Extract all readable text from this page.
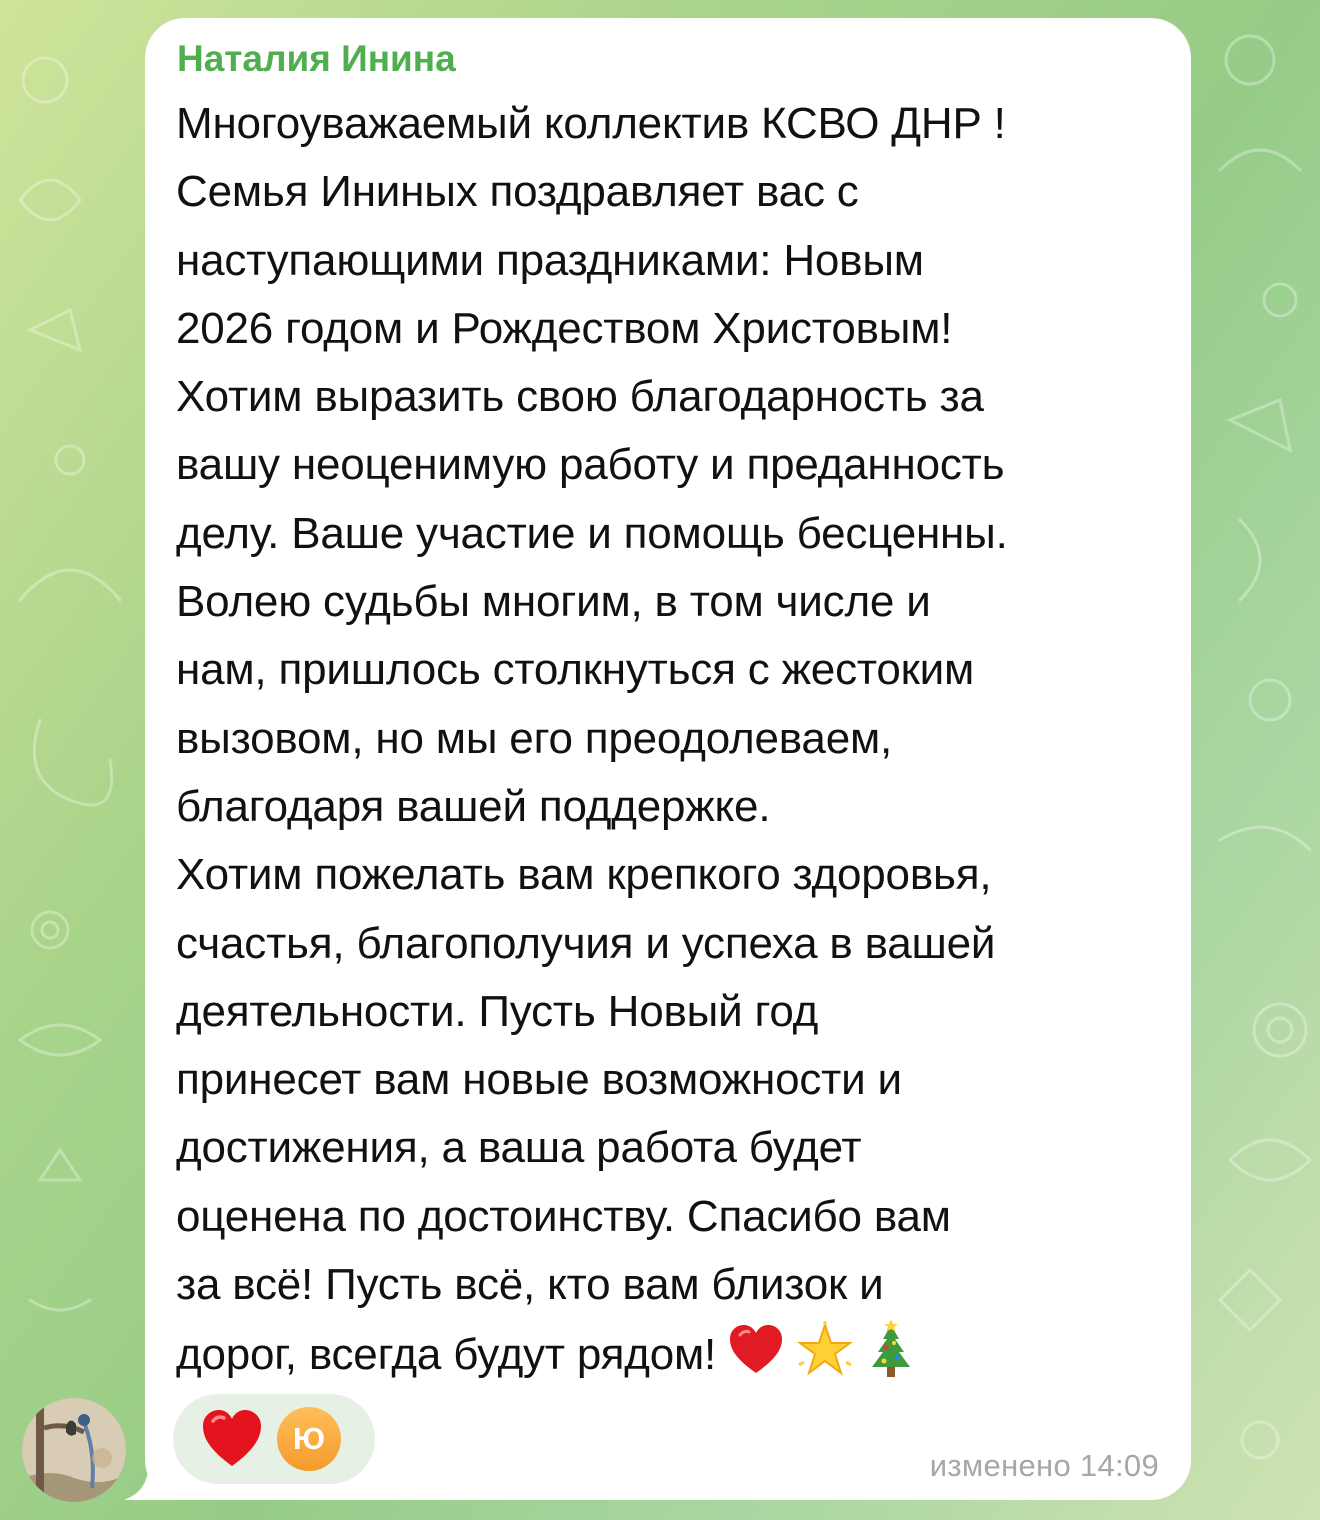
Наталия Инина
Многоуважаемый коллектив КСВО ДНР !
Семья Ининых поздравляет вас с
наступающими праздниками: Новым
2026 годом и Рождеством Христовым!
Хотим выразить свою благодарность за
вашу неоценимую работу и преданность
делу. Ваше участие и помощь бесценны.
Волею судьбы многим, в том числе и
нам, пришлось столкнуться с жестоким
вызовом, но мы его преодолеваем,
благодаря вашей поддержке.
Хотим пожелать вам крепкого здоровья,
счастья, благополучия и успеха в вашей
деятельности. Пусть Новый год
принесет вам новые возможности и
достижения, а ваша работа будет
оценена по достоинству. Спасибо вам
за всё! Пусть всё, кто вам близок и
дорог, всегда будут рядом!
Ю
изменено 14:09
